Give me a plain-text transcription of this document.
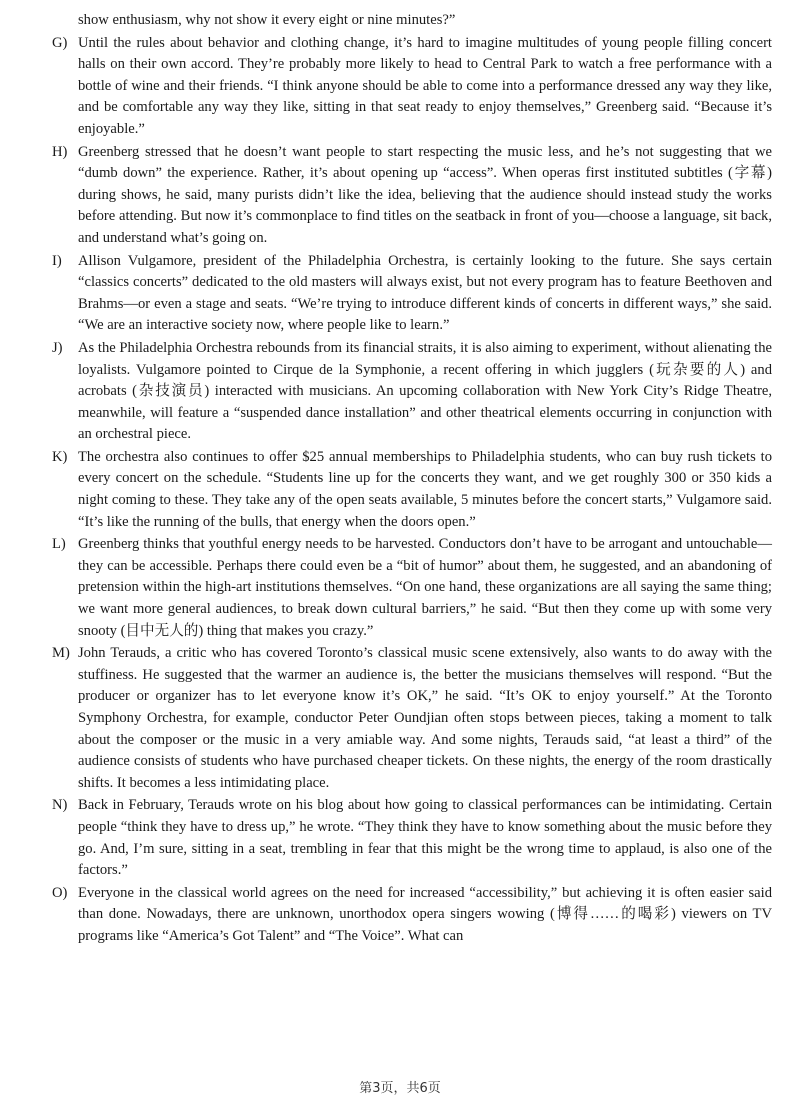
show enthusiasm, why not show it every eight or nine minutes?”

G) Until the rules about behavior and clothing change, it’s hard to imagine multitudes of young people filling concert halls on their own accord. They’re probably more likely to head to Central Park to watch a free performance with a bottle of wine and their friends. “I think anyone should be able to come into a performance dressed any way they like, and be comfortable any way they like, sitting in that seat ready to enjoy themselves,” Greenberg said. “Because it’s enjoyable.”

H) Greenberg stressed that he doesn’t want people to start respecting the music less, and he’s not suggesting that we “dumb down” the experience. Rather, it’s about opening up “access”. When operas first instituted subtitles (字幕) during shows, he said, many purists didn’t like the idea, believing that the audience should instead study the works before attending. But now it’s commonplace to find titles on the seatback in front of you—choose a language, sit back, and understand what’s going on.

I)	Allison Vulgamore, president of the Philadelphia Orchestra, is certainly looking to the future. She says certain “classics concerts” dedicated to the old masters will always exist, but not every program has to feature Beethoven and Brahms—or even a stage and seats. “We’re trying to introduce different kinds of concerts in different ways,” she said. “We are an interactive society now, where people like to learn.”

J)	As the Philadelphia Orchestra rebounds from its financial straits, it is also aiming to experiment, without alienating the loyalists. Vulgamore pointed to Cirque de la Symphonie, a recent offering in which jugglers (玩杂要的人) and acrobats (杂技演员) interacted with musicians. An upcoming collaboration with New York City’s Ridge Theatre, meanwhile, will feature a “suspended dance installation” and other theatrical elements occurring in conjunction with an orchestral piece.

K) The orchestra also continues to offer $25 annual memberships to Philadelphia students, who can buy rush tickets to every concert on the schedule. “Students line up for the concerts they want, and we get roughly 300 or 350 kids a night coming to these. They take any of the open seats available, 5 minutes before the concert starts,” Vulgamore said. “It’s like the running of the bulls, that energy when the doors open.”

L) Greenberg thinks that youthful energy needs to be harvested. Conductors don’t have to be arrogant and untouchable—they can be accessible. Perhaps there could even be a “bit of humor” about them, he suggested, and an abandoning of pretension within the high-art institutions themselves. “On one hand, these organizations are all saying the same thing; we want more general audiences, to break down cultural barriers,” he said. “But then they come up with some very snooty (目中无人的) thing that makes you crazy.”

M) John Terauds, a critic who has covered Toronto’s classical music scene extensively, also wants to do away with the stuffiness. He suggested that the warmer an audience is, the better the musicians themselves will respond. “But the producer or organizer has to let everyone know it’s OK,” he said. “It’s OK to enjoy yourself.” At the Toronto Symphony Orchestra, for example, conductor Peter Oundjian often stops between pieces, taking a moment to talk about the composer or the music in a very amiable way. And some nights, Terauds said, “at least a third” of the audience consists of students who have purchased cheaper tickets. On these nights, the energy of the room drastically shifts. It becomes a less intimidating place.

N) Back in February, Terauds wrote on his blog about how going to classical performances can be intimidating. Certain people “think they have to dress up,” he wrote. “They think they have to know something about the music before they go. And, I’m sure, sitting in a seat, trembling in fear that this might be the wrong time to applaud, is also one of the factors.”

O) Everyone in the classical world agrees on the need for increased “accessibility,” but achieving it is often easier said than done. Nowadays, there are unknown, unorthodox opera singers wowing (博得……的喝彩) viewers on TV programs like “America’s Got Talent” and “The Voice”. What can

第3页，共6页
